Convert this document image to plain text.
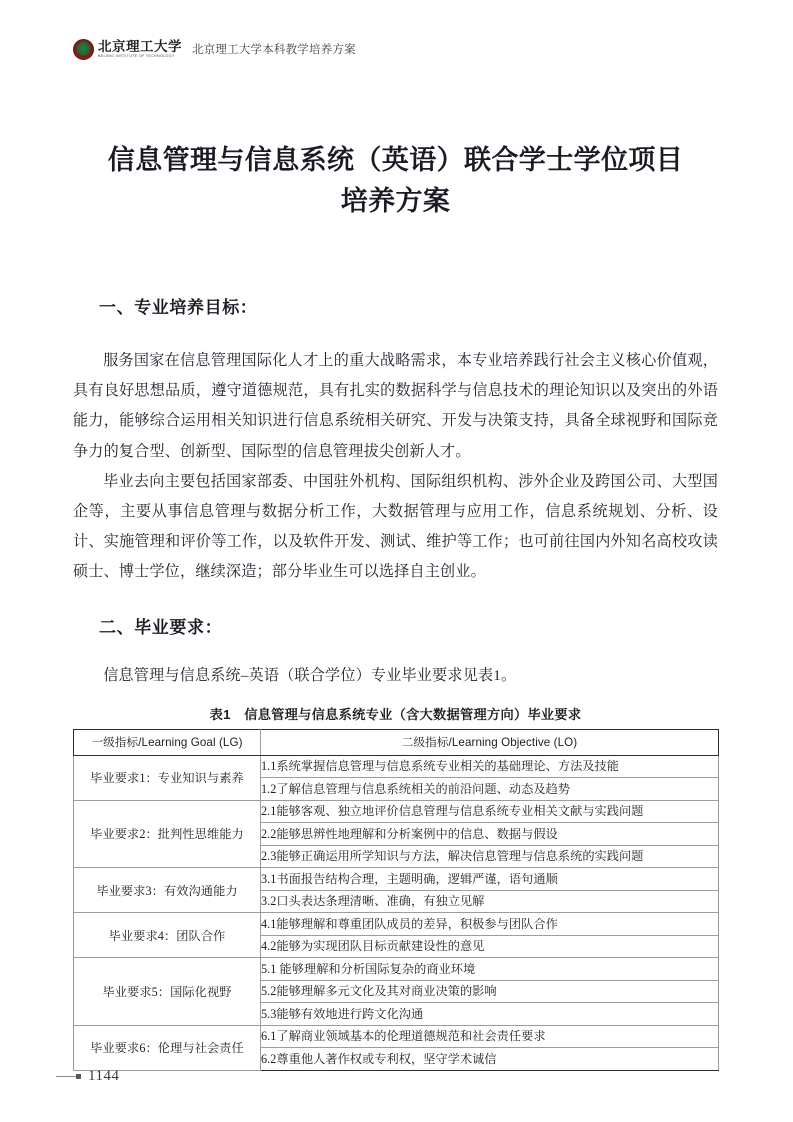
北京理工大学
BEIJING INSTITUTE OF TECHNOLOGY	北京理工大学本科教学培养方案
信息管理与信息系统（英语）联合学士学位项目
培养方案
一、专业培养目标：

服务国家在信息管理国际化人才上的重大战略需求，本专业培养践行社会主义核心价值观，具有良好思想品质，遵守道德规范，具有扎实的数据科学与信息技术的理论知识以及突出的外语能力，能够综合运用相关知识进行信息系统相关研究、开发与决策支持，具备全球视野和国际竞争力的复合型、创新型、国际型的信息管理拔尖创新人才。

毕业去向主要包括国家部委、中国驻外机构、国际组织机构、涉外企业及跨国公司、大型国企等，主要从事信息管理与数据分析工作，大数据管理与应用工作，信息系统规划、分析、设计、实施管理和评价等工作，以及软件开发、测试、维护等工作；也可前往国内外知名高校攻读硕士、博士学位，继续深造；部分毕业生可以选择自主创业。

二、毕业要求：

信息管理与信息系统–英语（联合学位）专业毕业要求见表1。

表1　信息管理与信息系统专业（含大数据管理方向）毕业要求
一级指标/Learning Goal (LG)	二级指标/Learning Objective (LO)
毕业要求1：专业知识与素养	1.1系统掌握信息管理与信息系统专业相关的基础理论、方法及技能
	1.2了解信息管理与信息系统相关的前沿问题、动态及趋势
毕业要求2：批判性思维能力	2.1能够客观、独立地评价信息管理与信息系统专业相关文献与实践问题
	2.2能够思辨性地理解和分析案例中的信息、数据与假设
	2.3能够正确运用所学知识与方法，解决信息管理与信息系统的实践问题
毕业要求3：有效沟通能力	3.1书面报告结构合理，主题明确，逻辑严谨，语句通顺
	3.2口头表达条理清晰、准确，有独立见解
毕业要求4：团队合作	4.1能够理解和尊重团队成员的差异，积极参与团队合作
	4.2能够为实现团队目标贡献建设性的意见
毕业要求5：国际化视野	5.1 能够理解和分析国际复杂的商业环境
	5.2能够理解多元文化及其对商业决策的影响
	5.3能够有效地进行跨文化沟通
毕业要求6：伦理与社会责任	6.1了解商业领域基本的伦理道德规范和社会责任要求
	6.2尊重他人著作权或专利权，坚守学术诚信
1144
